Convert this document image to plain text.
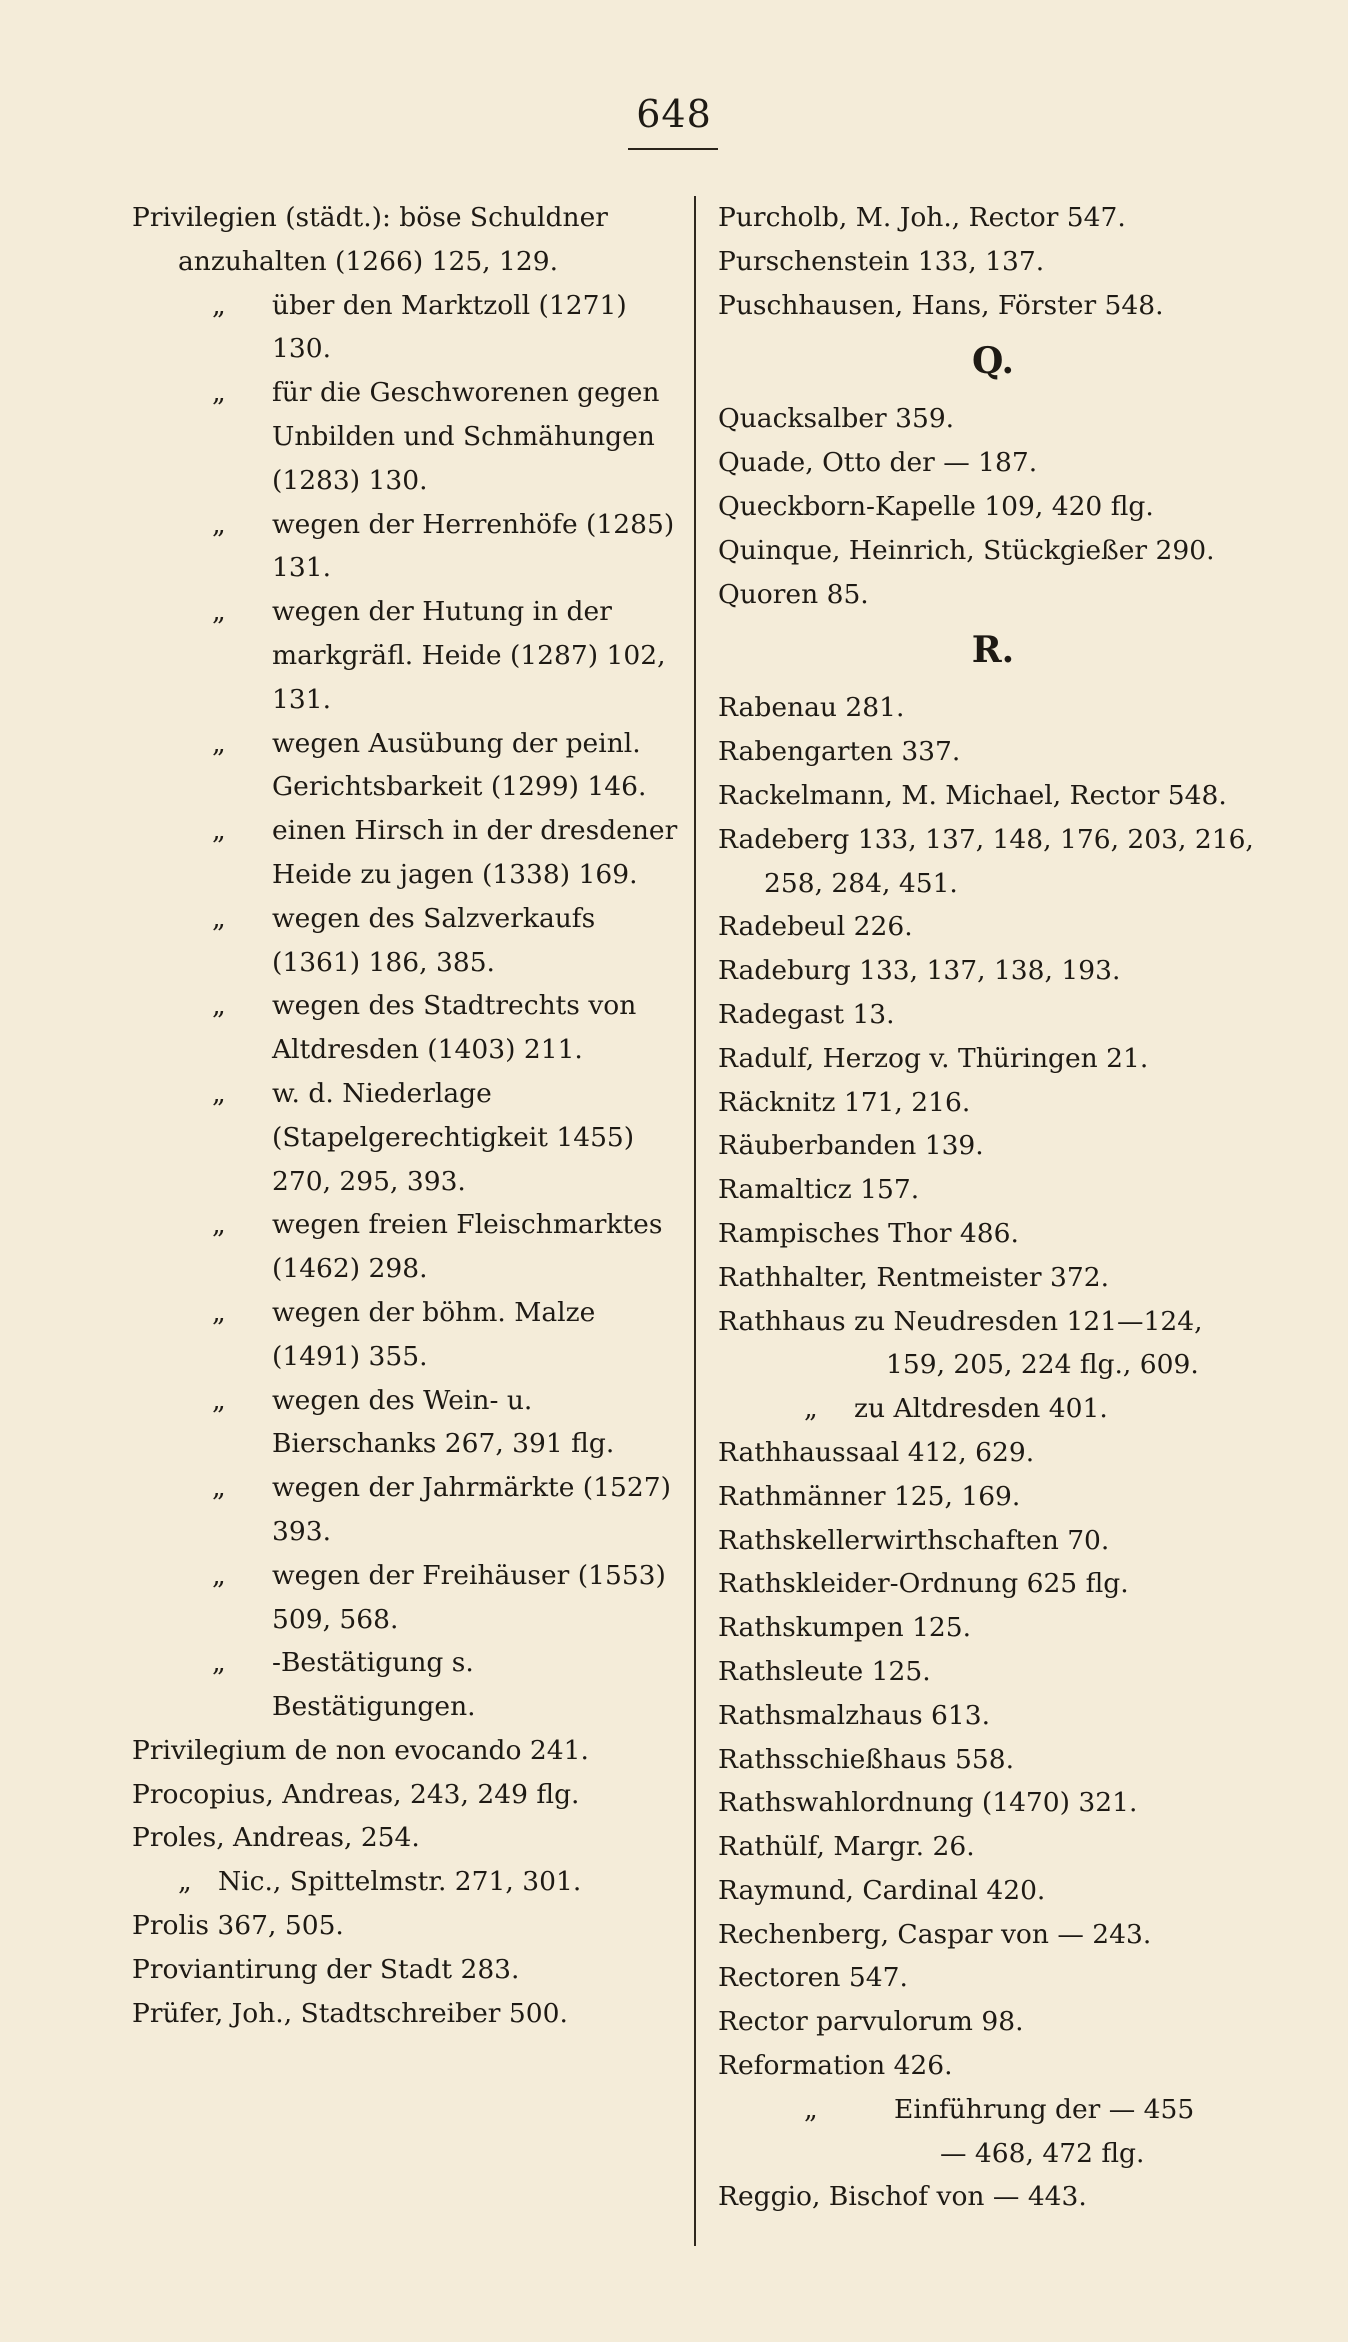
648

Privilegien (städt.): böse Schuldner anzuhalten (1266) 125, 129.

„	über den Marktzoll (1271) 130.
„	für die Geschworenen gegen Unbilden und Schmähungen (1283) 130.
„	wegen der Herrenhöfe (1285) 131.
„	wegen der Hutung in der markgräfl. Heide (1287) 102, 131.
„	wegen Ausübung der peinl. Gerichtsbarkeit (1299) 146.
„	einen Hirsch in der dresdener Heide zu jagen (1338) 169.
„	wegen des Salzverkaufs (1361) 186, 385.
„	wegen des Stadtrechts von Altdresden (1403) 211.
„	w. d. Niederlage (Stapelgerechtigkeit 1455) 270, 295, 393.
„	wegen freien Fleischmarktes (1462) 298.
„	wegen der böhm. Malze (1491) 355.
„	wegen des Wein- u. Bierschanks 267, 391 flg.
„	wegen der Jahrmärkte (1527) 393.
„	wegen der Freihäuser (1553) 509, 568.
„	-Bestätigung s. Bestätigungen.

Privilegium de non evocando 241.

Procopius, Andreas, 243, 249 flg.

Proles, Andreas, 254.

„ Nic., Spittelmstr. 271, 301.

Prolis 367, 505.

Proviantirung der Stadt 283.

Prüfer, Joh., Stadtschreiber 500.

Purcholb, M. Joh., Rector 547.

Purschenstein 133, 137.

Puschhausen, Hans, Förster 548.

Q.

Quacksalber 359.

Quade, Otto der — 187.

Queckborn-Kapelle 109, 420 flg.

Quinque, Heinrich, Stückgießer 290.

Quoren 85.

R.

Rabenau 281.

Rabengarten 337.

Rackelmann, M. Michael, Rector 548.

Radeberg 133, 137, 148, 176, 203, 216, 258, 284, 451.

Radebeul 226.

Radeburg 133, 137, 138, 193.

Radegast 13.

Radulf, Herzog v. Thüringen 21.

Räcknitz 171, 216.

Räuberbanden 139.

Ramalticz 157.

Rampisches Thor 486.

Rathhalter, Rentmeister 372.

Rathhaus zu Neudresden 121—124,

159, 205, 224 flg., 609.

„	zu Altdresden 401.

Rathhaussaal 412, 629.

Rathmänner 125, 169.

Rathskellerwirthschaften 70.

Rathskleider-Ordnung 625 flg.

Rathskumpen 125.

Rathsleute 125.

Rathsmalzhaus 613.

Rathsschießhaus 558.

Rathswahlordnung (1470) 321.

Rathülf, Margr. 26.

Raymund, Cardinal 420.

Rechenberg, Caspar von — 243.

Rectoren 547.

Rector parvulorum 98.

Reformation 426.

„	Einführung der — 455

— 468, 472 flg.

Reggio, Bischof von — 443.
